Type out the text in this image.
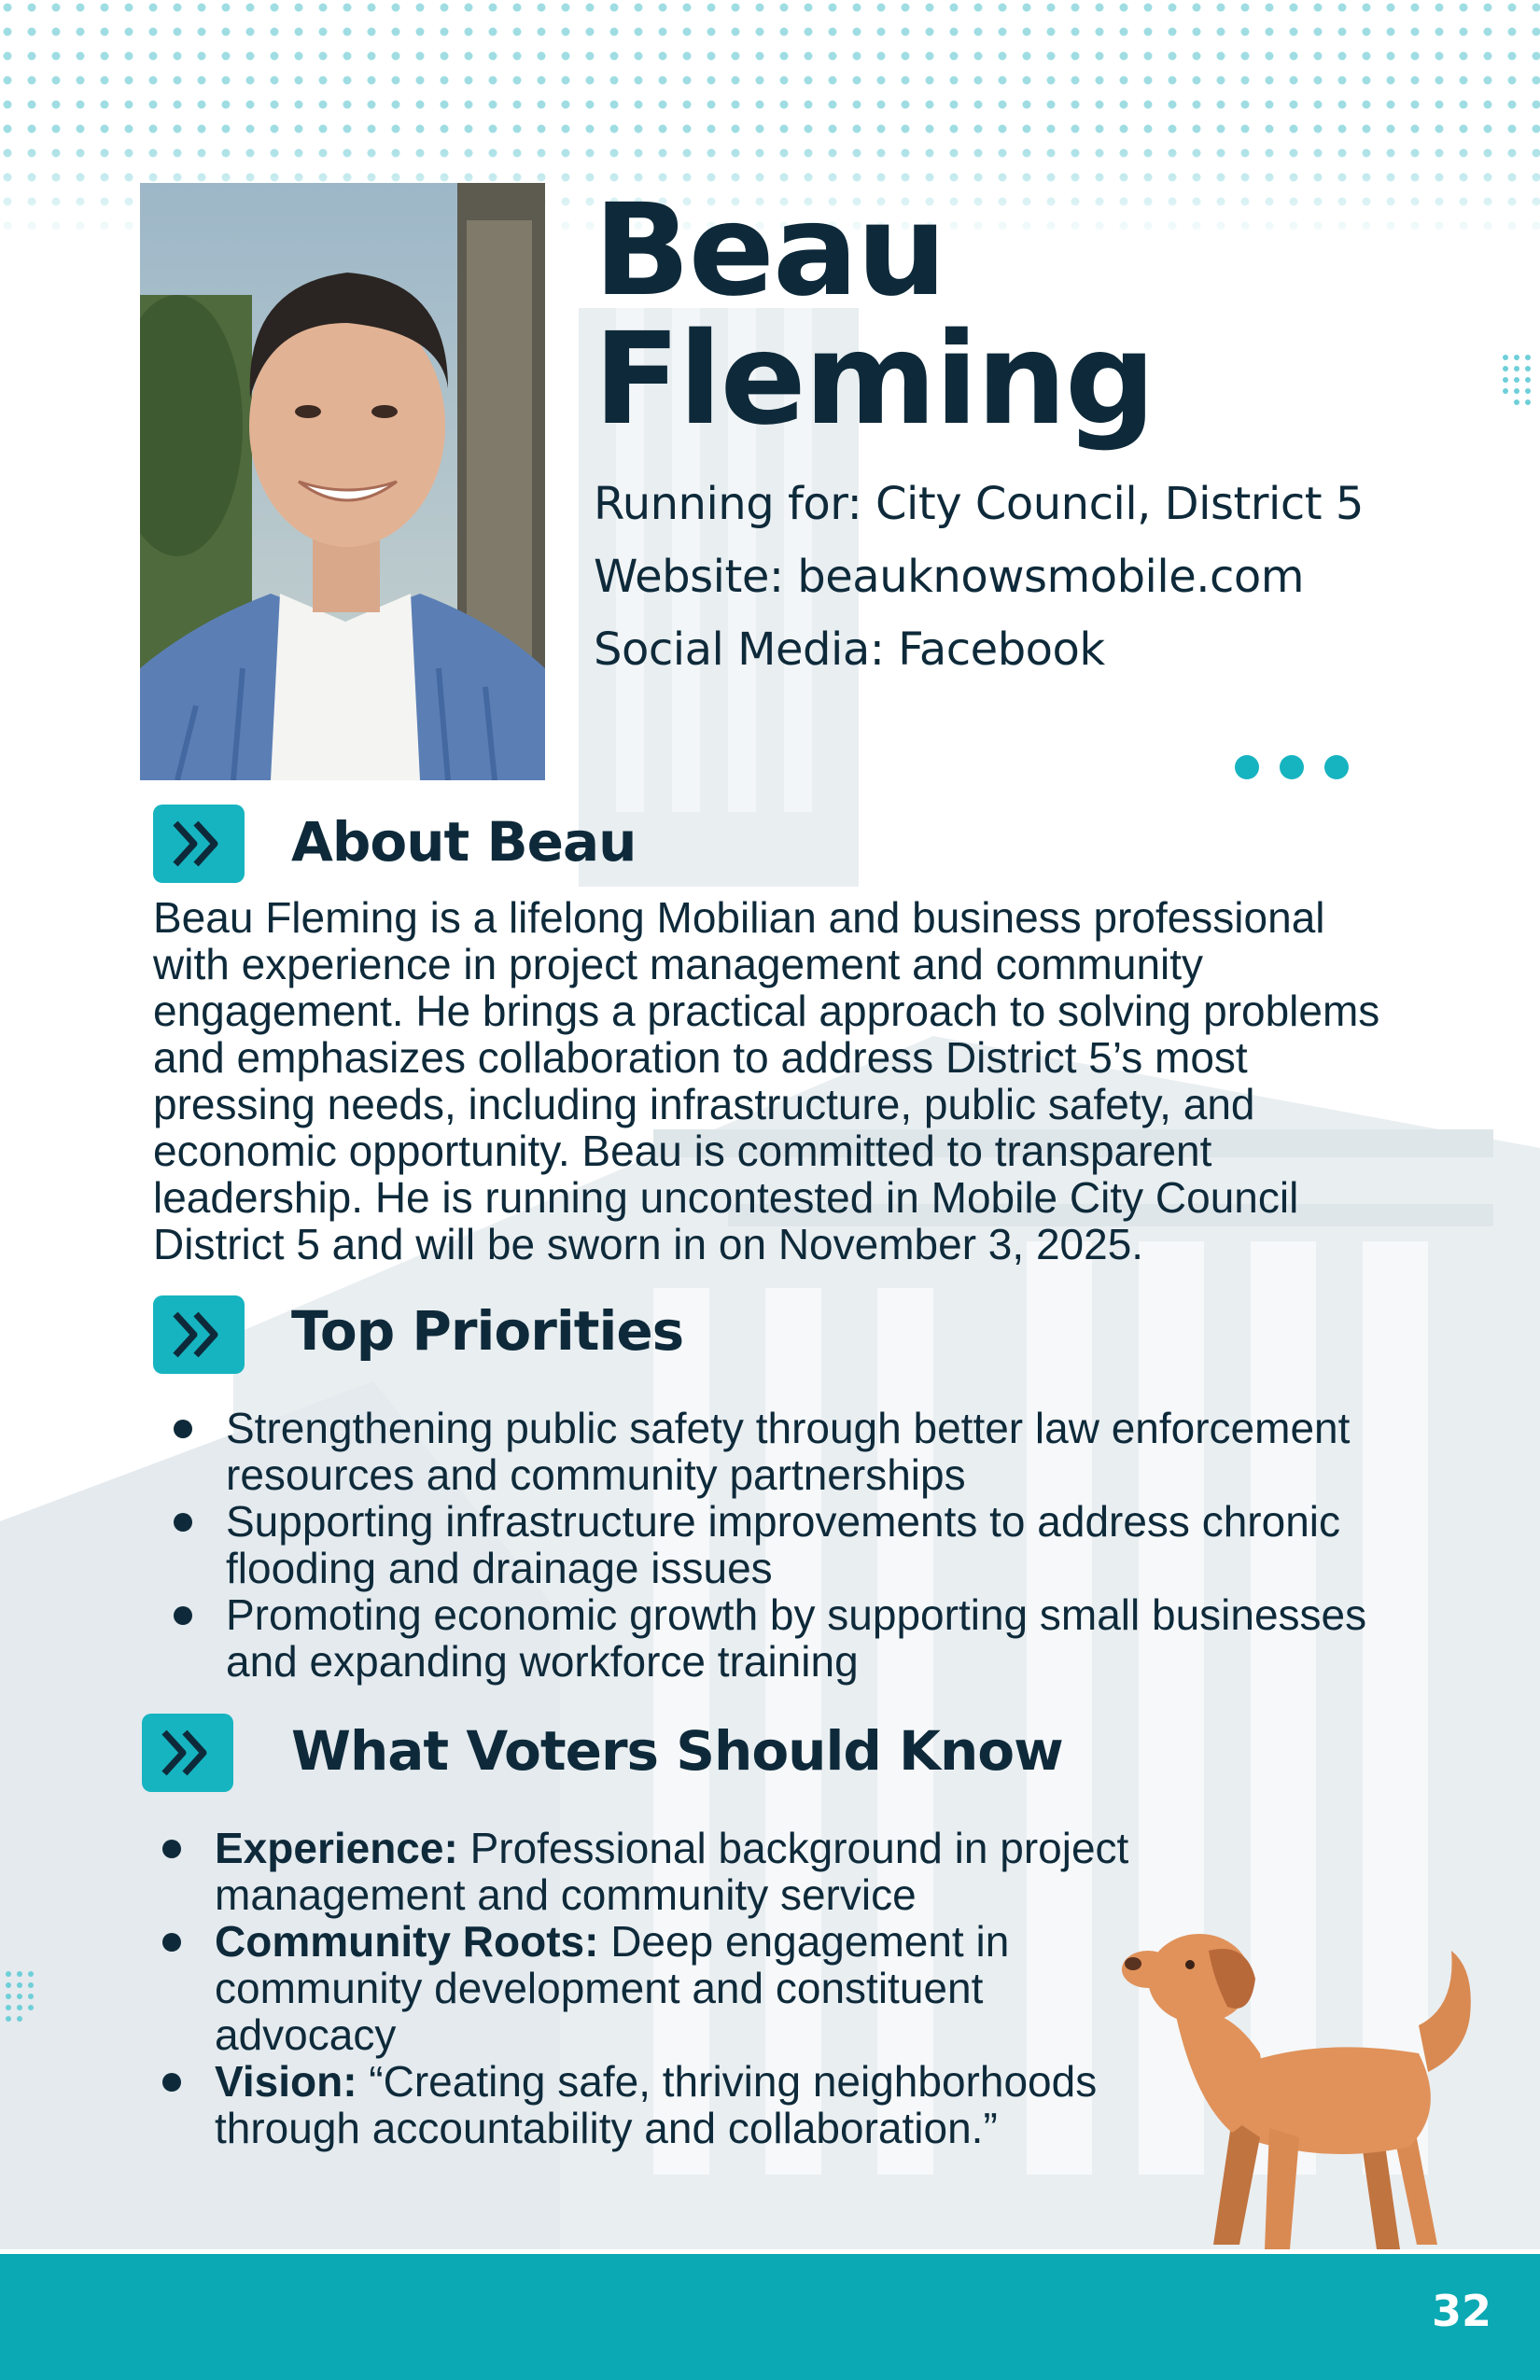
Beau
Fleming
Running for: City Council, District 5
Website: beauknowsmobile.com
Social Media: Facebook
About Beau

Beau Fleming is a lifelong Mobilian and business professional with experience in project management and community engagement. He brings a practical approach to solving problems and emphasizes collaboration to address District 5’s most pressing needs, including infrastructure, public safety, and economic opportunity. Beau is committed to transparent leadership. He is running uncontested in Mobile City Council District 5 and will be sworn in on November 3, 2025.

Top Priorities
Strengthening public safety through better law enforcement resources and community partnerships
Supporting infrastructure improvements to address chronic flooding and drainage issues
Promoting economic growth by supporting small businesses and expanding workforce training
What Voters Should Know
Experience: Professional background in project management and community service
Community Roots: Deep engagement in community development and constituent advocacy
Vision: “Creating safe, thriving neighborhoods through accountability and collaboration.”
32
